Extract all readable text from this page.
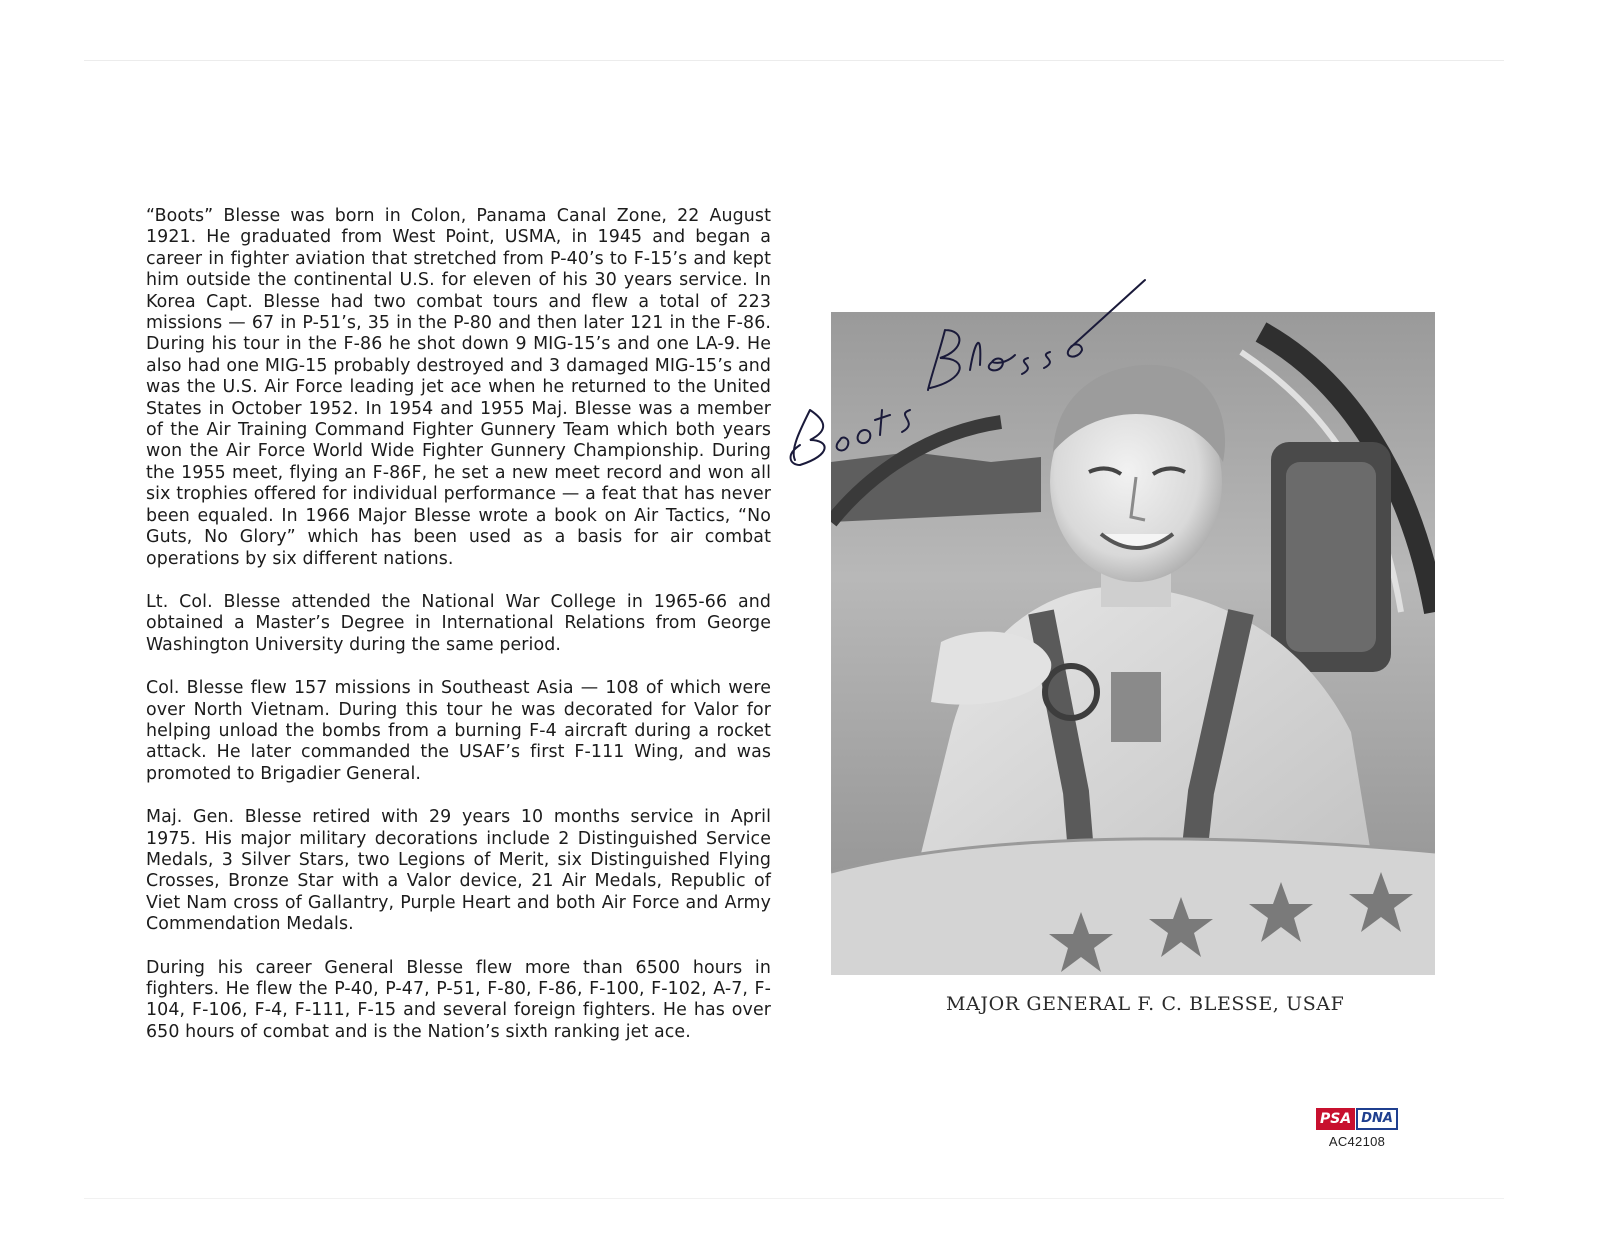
“Boots” Blesse was born in Colon, Panama Canal Zone, 22 August 1921. He graduated from West Point, USMA, in 1945 and began a career in fighter aviation that stretched from P-40’s to F-15’s and kept him outside the continental U.S. for eleven of his 30 years service. In Korea Capt. Blesse had two combat tours and flew a total of 223 missions — 67 in P-51’s, 35 in the P-80 and then later 121 in the F-86. During his tour in the F-86 he shot down 9 MIG-15’s and one LA-9. He also had one MIG-15 probably destroyed and 3 damaged MIG-15’s and was the U.S. Air Force leading jet ace when he returned to the United States in October 1952. In 1954 and 1955 Maj. Blesse was a member of the Air Training Command Fighter Gunnery Team which both years won the Air Force World Wide Fighter Gunnery Championship. During the 1955 meet, flying an F-86F, he set a new meet record and won all six trophies offered for individual performance — a feat that has never been equaled. In 1966 Major Blesse wrote a book on Air Tactics, “No Guts, No Glory” which has been used as a basis for air combat operations by six different nations.

Lt. Col. Blesse attended the National War College in 1965-66 and obtained a Master’s Degree in International Relations from George Washington University during the same period.

Col. Blesse flew 157 missions in Southeast Asia — 108 of which were over North Vietnam. During this tour he was decorated for Valor for helping unload the bombs from a burning F-4 aircraft during a rocket attack. He later commanded the USAF’s first F-111 Wing, and was promoted to Brigadier General.

Maj. Gen. Blesse retired with 29 years 10 months service in April 1975. His major military decorations include 2 Distinguished Service Medals, 3 Silver Stars, two Legions of Merit, six Distinguished Flying Crosses, Bronze Star with a Valor device, 21 Air Medals, Republic of Viet Nam cross of Gallantry, Purple Heart and both Air Force and Army Commendation Medals.

During his career General Blesse flew more than 6500 hours in fighters. He flew the P-40, P-47, P-51, F-80, F-86, F-100, F-102, A-7, F-104, F-106, F-4, F-111, F-15 and several foreign fighters. He has over 650 hours of combat and is the Nation’s sixth ranking jet ace.

MAJOR GENERAL F. C. BLESSE, USAF
PSA DNA
AC42108
